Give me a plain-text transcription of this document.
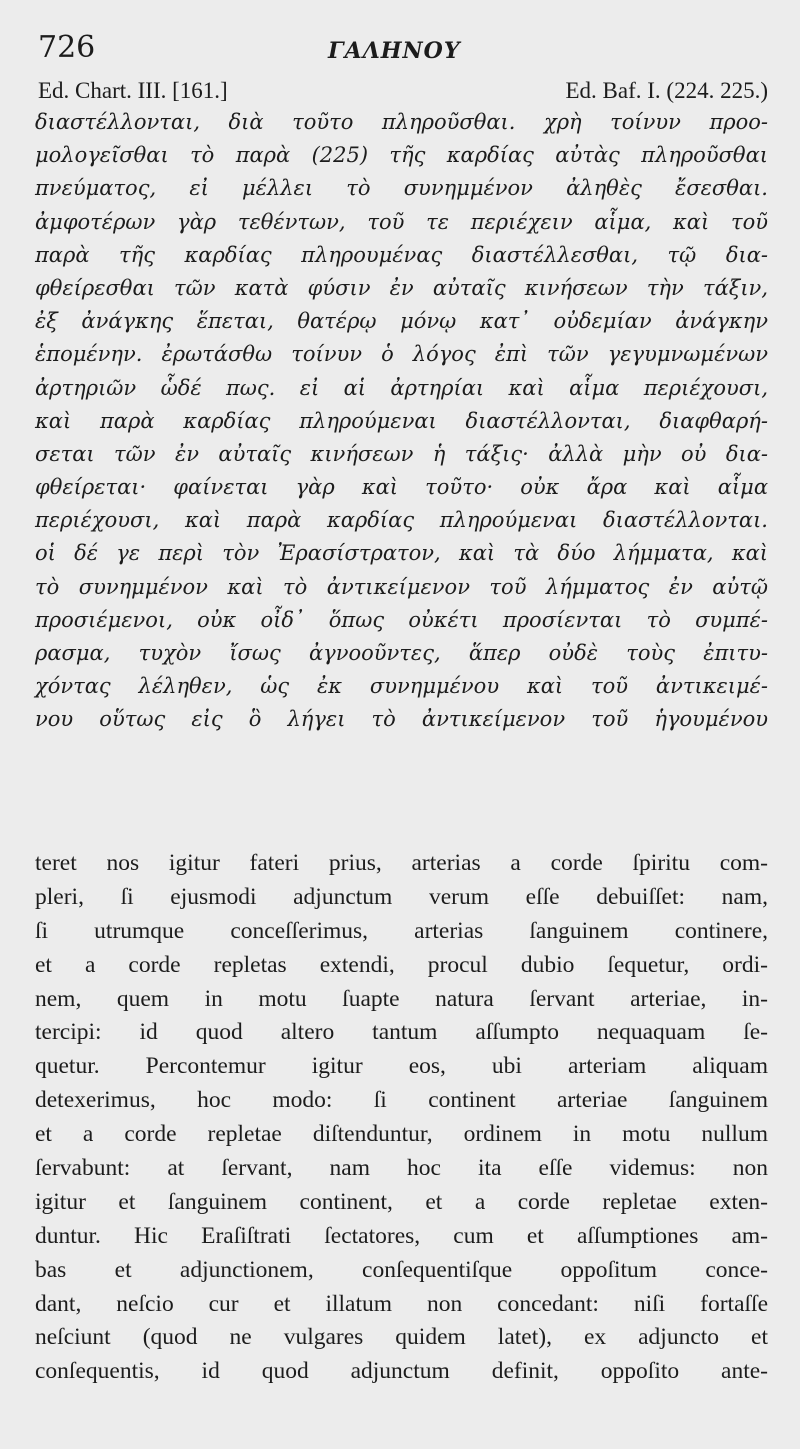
726	ΓΑΛΗΝΟΥ
Ed. Chart. III. [161.]	Ed. Baf. I. (224. 225.)
διαστέλλονται, διὰ τοῦτο πληροῦσθαι. χρὴ τοίνυν προο-
μολογεῖσθαι τὸ παρὰ (225) τῆς καρδίας αὐτὰς πληροῦσθαι
πνεύματος, εἰ μέλλει τὸ συνημμένον ἀληθὲς ἔσεσθαι.
ἀμφοτέρων γὰρ τεθέντων, τοῦ τε περιέχειν αἷμα, καὶ τοῦ
παρὰ τῆς καρδίας πληρουμένας διαστέλλεσθαι, τῷ δια-
φθείρεσθαι τῶν κατὰ φύσιν ἐν αὐταῖς κινήσεων τὴν τάξιν,
ἐξ ἀνάγκης ἕπεται, θατέρῳ μόνῳ κατ᾽ οὐδεμίαν ἀνάγκην
ἑπομένην. ἐρωτάσθω τοίνυν ὁ λόγος ἐπὶ τῶν γεγυμνωμένων
ἀρτηριῶν ὧδέ πως. εἰ αἱ ἀρτηρίαι καὶ αἷμα περιέχουσι,
καὶ παρὰ καρδίας πληρούμεναι διαστέλλονται, διαφθαρή-
σεται τῶν ἐν αὐταῖς κινήσεων ἡ τάξις· ἀλλὰ μὴν οὐ δια-
φθείρεται· φαίνεται γὰρ καὶ τοῦτο· οὐκ ἄρα καὶ αἷμα
περιέχουσι, καὶ παρὰ καρδίας πληρούμεναι διαστέλλονται.
οἱ δέ γε περὶ τὸν Ἐρασίστρατον, καὶ τὰ δύο λήμματα, καὶ
τὸ συνημμένον καὶ τὸ ἀντικείμενον τοῦ λήμματος ἐν αὐτῷ
προσιέμενοι, οὐκ οἶδ᾽ ὅπως οὐκέτι προσίενται τὸ συμπέ-
ρασμα, τυχὸν ἴσως ἀγνοοῦντες, ἅπερ οὐδὲ τοὺς ἐπιτυ-
χόντας λέληθεν, ὡς ἐκ συνημμένου καὶ τοῦ ἀντικειμέ-
νου οὕτως εἰς ὃ λήγει τὸ ἀντικείμενον τοῦ ἡγουμένου
teret nos igitur fateri prius, arterias a corde ſpiritu com-
pleri, ſi ejusmodi adjunctum verum eſſe debuiſſet: nam,
ſi utrumque conceſſerimus, arterias ſanguinem continere,
et a corde repletas extendi, procul dubio ſequetur, ordi-
nem, quem in motu ſuapte natura ſervant arteriae, in-
tercipi: id quod altero tantum aſſumpto nequaquam ſe-
quetur. Percontemur igitur eos, ubi arteriam aliquam
detexerimus, hoc modo: ſi continent arteriae ſanguinem
et a corde repletae diſtenduntur, ordinem in motu nullum
ſervabunt: at ſervant, nam hoc ita eſſe videmus: non
igitur et ſanguinem continent, et a corde repletae exten-
duntur. Hic Eraſiſtrati ſectatores, cum et aſſumptiones am-
bas et adjunctionem, conſequentiſque oppoſitum conce-
dant, neſcio cur et illatum non concedant: niſi fortaſſe
neſciunt (quod ne vulgares quidem latet), ex adjuncto et
conſequentis, id quod adjunctum definit, oppoſito ante-
